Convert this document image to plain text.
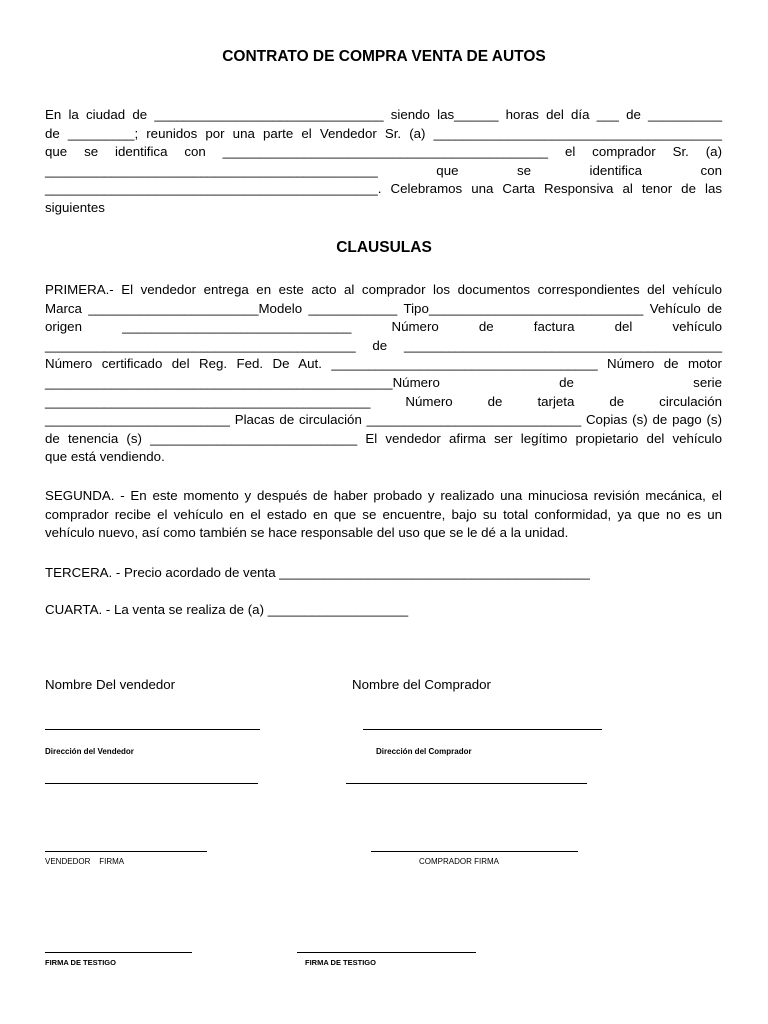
CONTRATO DE COMPRA VENTA DE AUTOS
En la ciudad de _______________________________ siendo las______ horas del día ___ de __________
de _________; reunidos por una parte el Vendedor Sr. (a) _______________________________________
que se identifica con ____________________________________________ el comprador Sr. (a)
_____________________________________________ que se identifica con
_____________________________________________. Celebramos una Carta Responsiva al tenor de las
siguientes
CLAUSULAS
PRIMERA.- El vendedor entrega en este acto al comprador los documentos correspondientes del vehículo
Marca _______________________Modelo ____________ Tipo_____________________________ Vehículo de
origen _______________________________ Número de factura del vehículo
__________________________________________ de ___________________________________________
Número certificado del Reg. Fed. De Aut. ____________________________________ Número de motor
_______________________________________________Número de serie
____________________________________________ Número de tarjeta de circulación
_________________________ Placas de circulación _____________________________ Copias (s) de pago (s)
de tenencia (s) ____________________________ El vendedor afirma ser legítimo propietario del vehículo
que está vendiendo.
SEGUNDA. - En este momento y después de haber probado y realizado una minuciosa revisión mecánica, el
comprador recibe el vehículo en el estado en que se encuentre, bajo su total conformidad, ya que no es un
vehículo nuevo, así como también se hace responsable del uso que se le dé a la unidad.
TERCERA. - Precio acordado de venta __________________________________________
CUARTA. - La venta se realiza de (a) ___________________
Nombre Del vendedor	Nombre del Comprador
Dirección del Vendedor	Dirección del Comprador
VENDEDOR    FIRMA	COMPRADOR FIRMA
FIRMA DE TESTIGO	FIRMA DE TESTIGO
